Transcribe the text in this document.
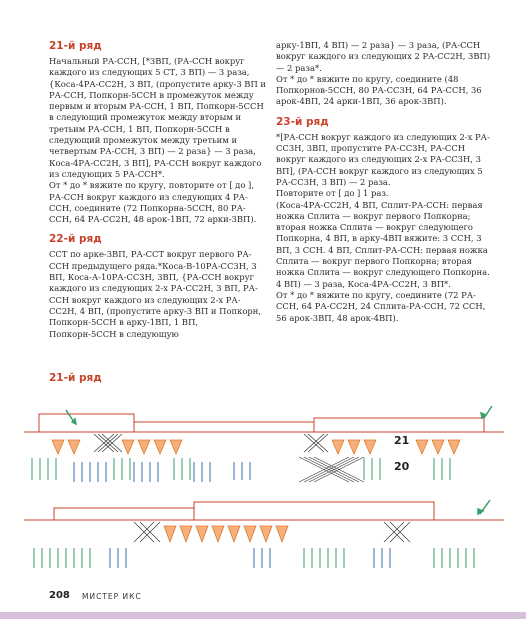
21-й ряд

Начальный РА-ССН, [*3ВП, (РА-ССН вокруг каждого из следующих 5 СТ, 3 ВП) — 3 раза, {Коса-4РА-СС2Н, 3 ВП, (пропустите арку-3 ВП и РА-ССН, Попкорн-5ССН в промежуток между первым и вторым РА-ССН, 1 ВП, Попкорн-5ССН в следующий промежуток между вторым и третьим РА-ССН, 1 ВП, Попкорн-5ССН в следующий промежуток между третьим и четвертым РА-ССН, 3 ВП) — 2 раза} — 3 раза, Коса-4РА-СС2Н, 3 ВП], РА-ССН вокруг каждого из следующих 5 РА-ССН*.
От * до * вяжите по кругу, повторите от [ до ], РА-ССН вокруг каждого из следующих 4 РА-ССН, соедините (72 Попкорна-5ССН, 80 РА-ССН, 64 РА-СС2Н, 48 арок-1ВП, 72 арки-3ВП).

22-й ряд

ССТ по арке-3ВП, РА-ССТ вокруг первого РА-ССН предыдущего ряда.*Коса-В-10РА-СС3Н, 3 ВП, Коса-А-10РА-СС3Н, 3ВП, {РА-ССН вокруг каждого из следующих 2-х РА-СС2Н, 3 ВП, РА-ССН вокруг каждого из следующих 2-х РА-СС2Н, 4 ВП, (пропустите арку-3 ВП и Попкорн, Попкорн-5ССН в арку-1ВП, 1 ВП, Попкорн-5ССН в следующую

арку-1ВП, 4 ВП) — 2 раза} — 3 раза, (РА-ССН вокруг каждого из следующих 2 РА-СС2Н, 3ВП) — 2 раза*.
От * до * вяжите по кругу, соедините (48 Попкорнов-5ССН, 80 РА-СС3Н, 64 РА-ССН, 36 арок-4ВП, 24 арки-1ВП, 36 арок-3ВП).

23-й ряд

*[РА-ССН вокруг каждого из следующих 2-х РА-СС3Н, 3ВП, пропустите РА-СС3Н, РА-ССН вокруг каждого из следующих 2-х РА-СС3Н, 3 ВП], (РА-ССН вокруг каждого из следующих 5 РА-СС3Н, 3 ВП) — 2 раза.
Повторите от [ до ] 1 раз.
(Коса-4РА-СС2Н, 4 ВП, Сплит-РА-ССН: первая ножка Сплита — вокруг первого Попкорна; вторая ножка Сплита — вокруг следующего Попкорна, 4 ВП, в арку-4ВП вяжите: 3 ССН, 3 ВП, 3 ССН. 4 ВП, Сплит-РА-ССН: первая ножка Сплита — вокруг первого Попкорна; вторая ножка Сплита — вокруг следующего Попкорна.
4 ВП) — 3 раза, Коса-4РА-СС2Н, 3 ВП*.
От * до * вяжите по кругу, соедините (72 РА-ССН, 64 РА-СС2Н, 24 Сплита-РА-ССН, 72 ССН, 56 арок-3ВП, 48 арок-4ВП).

21-й ряд
21
20
208 МИСТЕР ИКС
